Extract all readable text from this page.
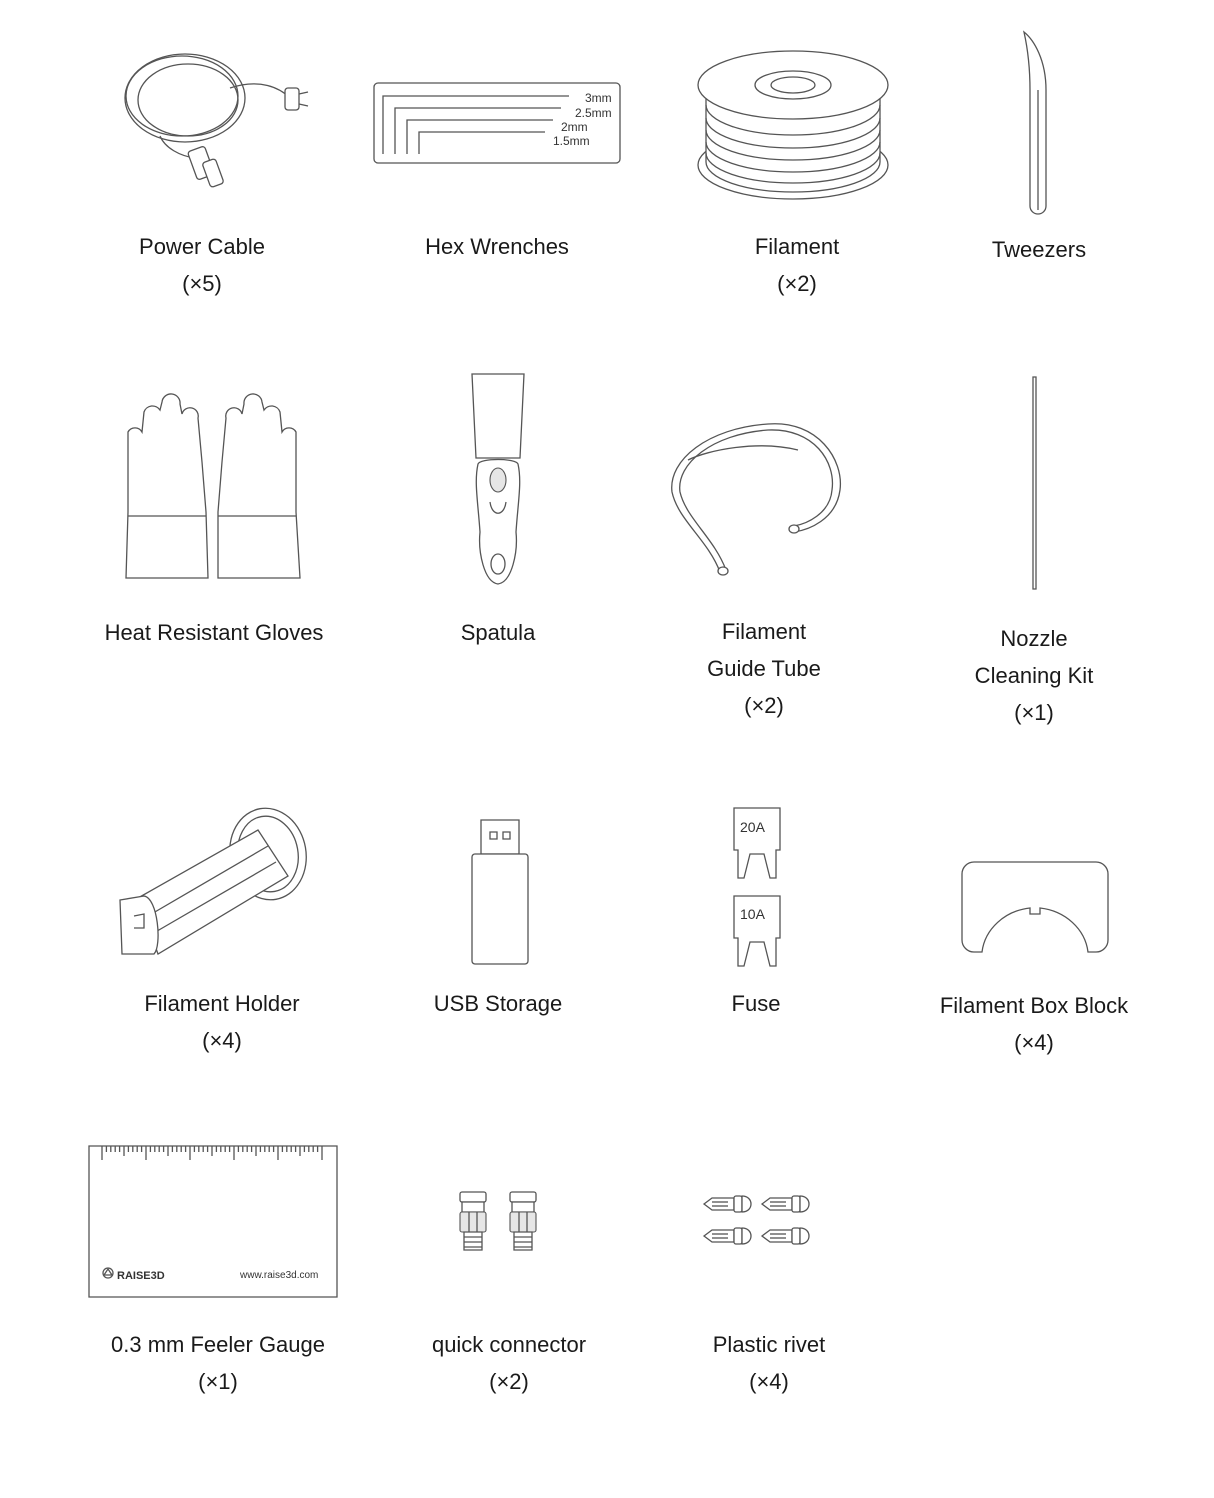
Power Cable
(×5)
3mm
2.5mm
2mm
1.5mm
Hex Wrenches	Filament
(×2)
Tweezers
Heat Resistant Gloves	Spatula	Filament
Guide Tube
(×2)
Nozzle
Cleaning Kit
(×1)
Filament Holder
(×4)
USB Storage
20A
10A
Fuse	Filament Box Block
(×4)
RAISE3D	www.raise3d.com
0.3 mm Feeler Gauge
(×1)
quick connector
(×2)
Plastic rivet
(×4)
